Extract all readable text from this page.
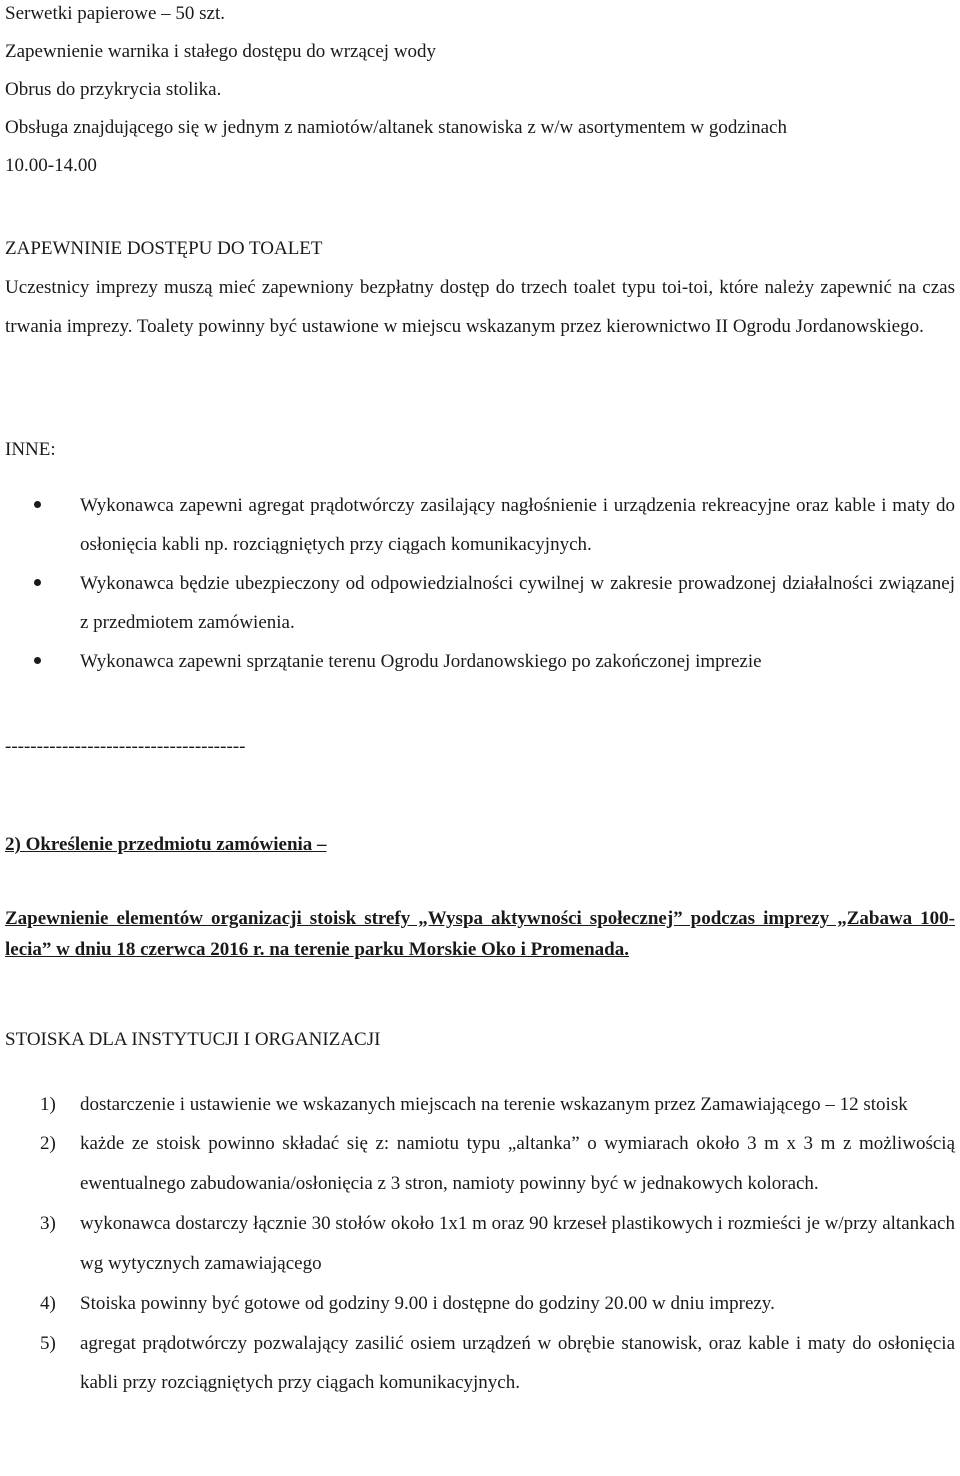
Serwetki papierowe – 50 szt.
Zapewnienie warnika i stałego dostępu do wrzącej wody
Obrus do przykrycia stolika.
Obsługa znajdującego się w jednym z namiotów/altanek stanowiska z w/w asortymentem w godzinach
10.00-14.00

ZAPEWNINIE DOSTĘPU DO TOALET

Uczestnicy imprezy muszą mieć zapewniony bezpłatny dostęp do trzech toalet typu toi-toi, które należy zapewnić na czas trwania imprezy. Toalety powinny być ustawione w miejscu wskazanym przez kierownictwo II Ogrodu Jordanowskiego.

INNE:

Wykonawca zapewni agregat prądotwórczy zasilający nagłośnienie i urządzenia rekreacyjne oraz kable i maty do osłonięcia kabli np. rozciągniętych przy ciągach komunikacyjnych.
Wykonawca będzie ubezpieczony od odpowiedzialności cywilnej w zakresie prowadzonej działalności związanej z przedmiotem zamówienia.
Wykonawca zapewni sprzątanie terenu Ogrodu Jordanowskiego po zakończonej imprezie
--------------------------------------
2) Określenie przedmiotu zamówienia –
Zapewnienie elementów organizacji stoisk strefy „Wyspa aktywności społecznej” podczas imprezy „Zabawa 100-lecia” w dniu 18 czerwca 2016 r. na terenie parku Morskie Oko i Promenada.
STOISKA DLA INSTYTUCJI I ORGANIZACJI
1) dostarczenie i ustawienie we wskazanych miejscach na terenie wskazanym przez Zamawiającego – 12 stoisk
2) każde ze stoisk powinno składać się z: namiotu typu „altanka” o wymiarach około 3 m x 3 m z możliwością ewentualnego zabudowania/osłonięcia z 3 stron, namioty powinny być w jednakowych kolorach.
3) wykonawca dostarczy łącznie 30 stołów około 1x1 m oraz 90 krzeseł plastikowych i rozmieści je w/przy altankach wg wytycznych zamawiającego
4) Stoiska powinny być gotowe od godziny 9.00 i dostępne do godziny 20.00 w dniu imprezy.
5) agregat prądotwórczy pozwalający zasilić osiem urządzeń w obrębie stanowisk, oraz kable i maty do osłonięcia kabli przy rozciągniętych przy ciągach komunikacyjnych.
